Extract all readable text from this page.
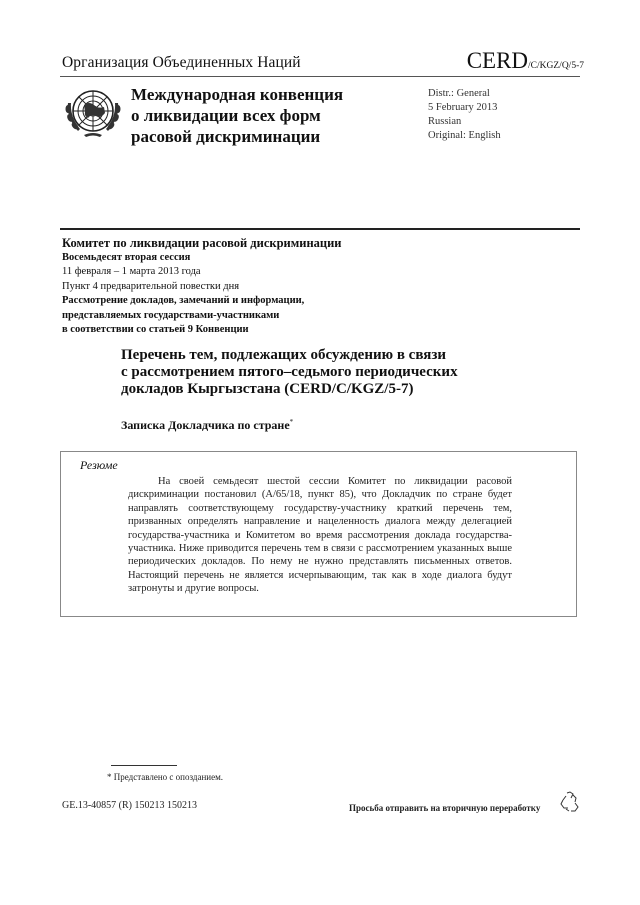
Организация Объединенных Наций	CERD/C/KGZ/Q/5-7
Международная конвенция
о ликвидации всех форм
расовой дискриминации
Distr.: General
5 February 2013
Russian
Original: English
Комитет по ликвидации расовой дискриминации
Восемьдесят вторая сессия
11 февраля – 1 марта 2013 года
Пункт 4 предварительной повестки дня
Рассмотрение докладов, замечаний и информации,
представляемых государствами-участниками
в соответствии со статьей 9 Конвенции
Перечень тем, подлежащих обсуждению в связи
с рассмотрением пятого–седьмого периодических
докладов Кыргызстана (CERD/C/KGZ/5-7)
Записка Докладчика по стране*
Резюме
На своей семьдесят шестой сессии Комитет по ликвидации расовой дискриминации постановил (A/65/18, пункт 85), что Докладчик по стране будет направлять соответствующему государству-участнику краткий перечень тем, призванных определять направление и нацеленность диалога между делегацией государства-участника и Комитетом во время рассмотрения доклада государства-участника. Ниже приводится перечень тем в связи с рассмотрением указанных выше периодических докладов. По нему не нужно представлять письменных ответов. Настоящий перечень не является исчерпывающим, так как в ходе диалога будут затронуты и другие вопросы.
* Представлено с опозданием.
GE.13-40857 (R) 150213 150213	Просьба отправить на вторичную переработку
